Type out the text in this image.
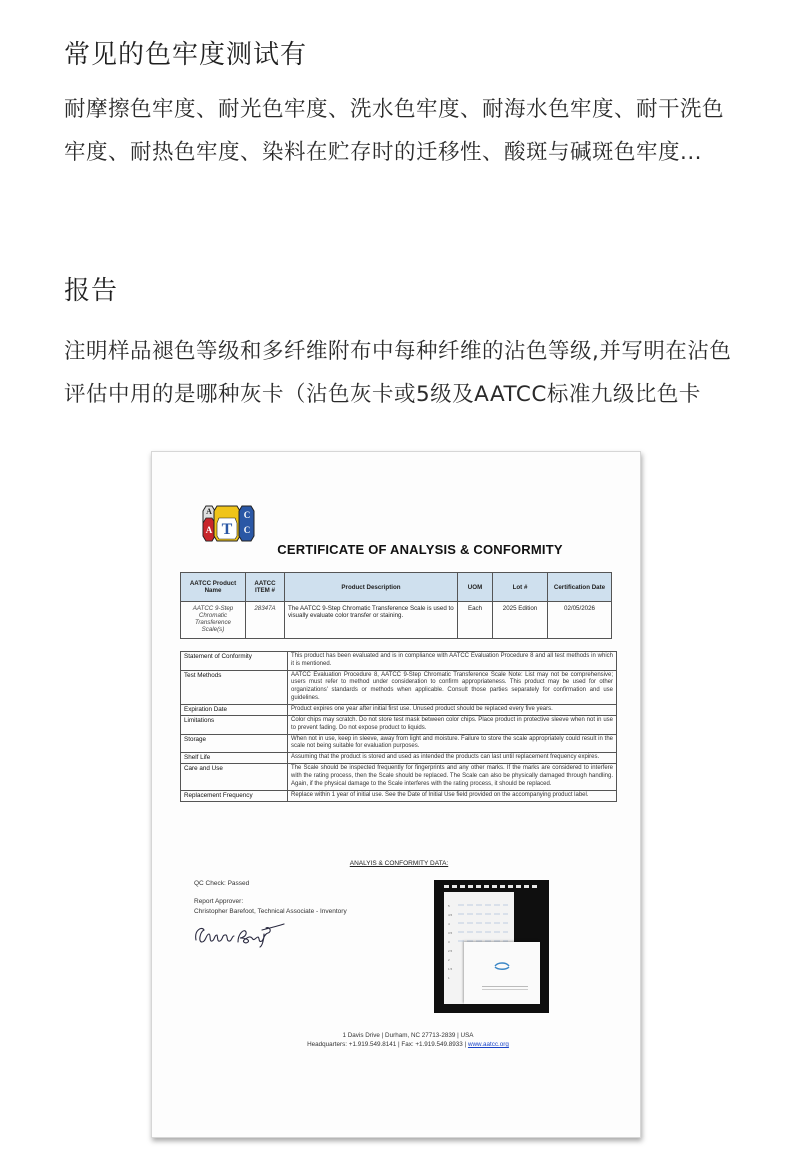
常见的色牢度测试有

耐摩擦色牢度、耐光色牢度、洗水色牢度、耐海水色牢度、耐干洗色牢度、耐热色牢度、染料在贮存时的迁移性、酸斑与碱斑色牢度...

报告

注明样品褪色等级和多纤维附布中每种纤维的沾色等级,并写明在沾色评估中用的是哪种灰卡（沾色灰卡或5级及AATCC标准九级比色卡

A
A T
C
C
CERTIFICATE OF ANALYSIS & CONFORMITY
AATCC Product Name	AATCC ITEM #	Product Description	UOM	Lot #	Certification Date
AATCC 9-Step Chromatic Transference Scale(s)	28347A	The AATCC 9-Step Chromatic Transference Scale is used to visually evaluate color transfer or staining.	Each	2025 Edition	02/05/2026
Statement of Conformity	This product has been evaluated and is in compliance with AATCC Evaluation Procedure 8 and all test methods in which it is mentioned.
Test Methods	AATCC Evaluation Procedure 8, AATCC 9-Step Chromatic Transference Scale Note: List may not be comprehensive; users must refer to method under consideration to confirm appropriateness. This product may be used for other organizations' standards or methods when applicable. Consult those parties separately for confirmation and use guidelines.
Expiration Date	Product expires one year after initial first use. Unused product should be replaced every five years.
Limitations	Color chips may scratch. Do not store test mask between color chips. Place product in protective sleeve when not in use to prevent fading. Do not expose product to liquids.
Storage	When not in use, keep in sleeve, away from light and moisture. Failure to store the scale appropriately could result in the scale not being suitable for evaluation purposes.
Shelf Life	Assuming that the product is stored and used as intended the products can last until replacement frequency expires.
Care and Use	The Scale should be inspected frequently for fingerprints and any other marks. If the marks are considered to interfere with the rating process, then the Scale should be replaced. The Scale can also be physically damaged through handling. Again, if the physical damage to the Scale interferes with the rating process, it should be replaced.
Replacement Frequency	Replace within 1 year of initial use. See the Date of Initial Use field provided on the accompanying product label.
ANALYIS & CONFORMITY DATA:
QC Check: Passed
Report Approver:
Christopher Barefoot, Technical Associate - Inventory
5
4.5
4
3.5
3
2.5
2
1.5
1
1 Davis Drive | Durham, NC 27713-2839 | USA
Headquarters: +1.919.549.8141 | Fax: +1.919.549.8933 | www.aatcc.org
